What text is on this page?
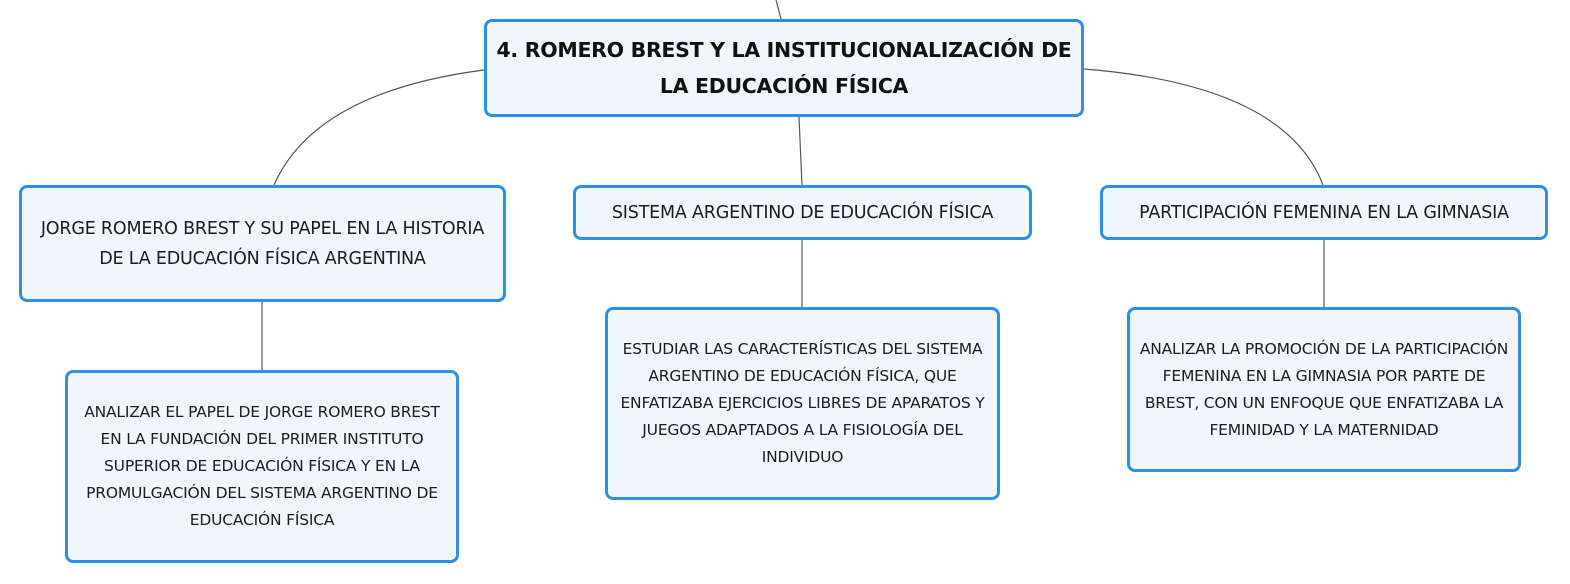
4. ROMERO BREST Y LA INSTITUCIONALIZACIÓN DE LA EDUCACIÓN FÍSICA
JORGE ROMERO BREST Y SU PAPEL EN LA HISTORIA DE LA EDUCACIÓN FÍSICA ARGENTINA
SISTEMA ARGENTINO DE EDUCACIÓN FÍSICA	PARTICIPACIÓN FEMENINA EN LA GIMNASIA
ANALIZAR EL PAPEL DE JORGE ROMERO BREST EN LA FUNDACIÓN DEL PRIMER INSTITUTO SUPERIOR DE EDUCACIÓN FÍSICA Y EN LA PROMULGACIÓN DEL SISTEMA ARGENTINO DE EDUCACIÓN FÍSICA
ESTUDIAR LAS CARACTERÍSTICAS DEL SISTEMA ARGENTINO DE EDUCACIÓN FÍSICA, QUE ENFATIZABA EJERCICIOS LIBRES DE APARATOS Y JUEGOS ADAPTADOS A LA FISIOLOGÍA DEL INDIVIDUO
ANALIZAR LA PROMOCIÓN DE LA PARTICIPACIÓN FEMENINA EN LA GIMNASIA POR PARTE DE BREST, CON UN ENFOQUE QUE ENFATIZABA LA FEMINIDAD Y LA MATERNIDAD
